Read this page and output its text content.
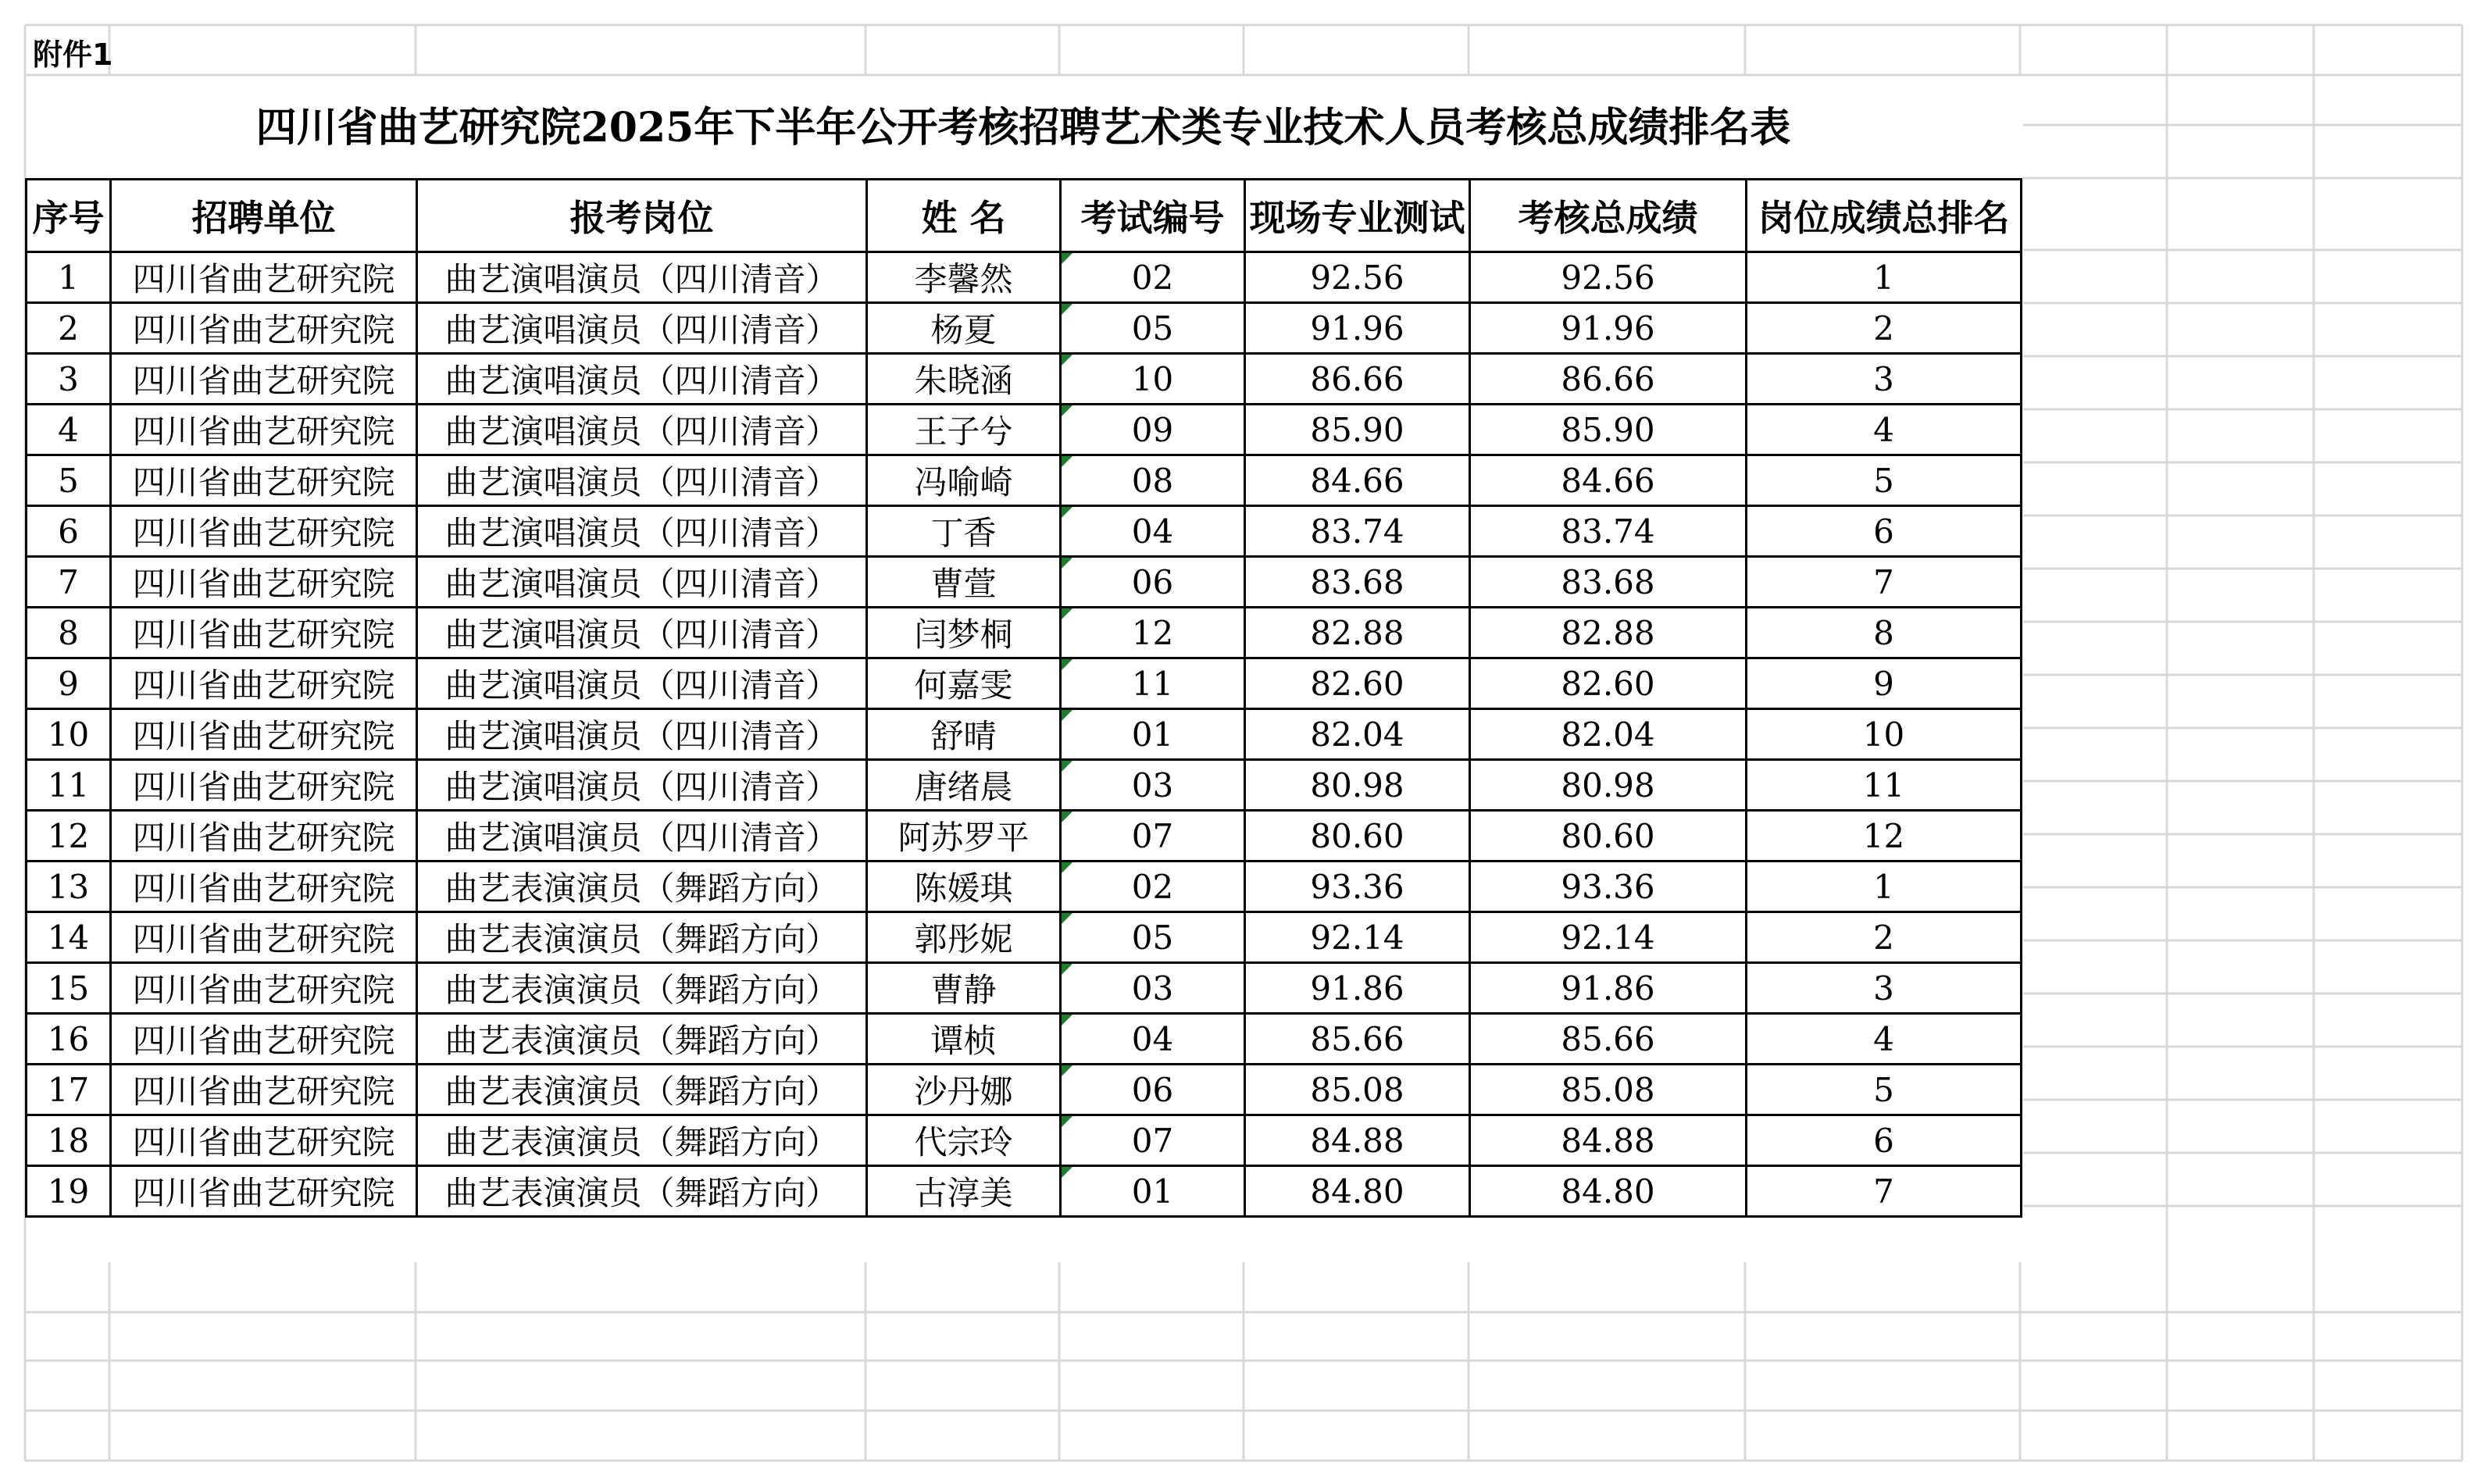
附件1
四川省曲艺研究院2025年下半年公开考核招聘艺术类专业技术人员考核总成绩排名表
序号	招聘单位	报考岗位	姓 名	考试编号	现场专业测试	考核总成绩	岗位成绩总排名
1	四川省曲艺研究院	曲艺演唱演员（四川清音）	李馨然	02	92.56	92.56	1
2	四川省曲艺研究院	曲艺演唱演员（四川清音）	杨夏	05	91.96	91.96	2
3	四川省曲艺研究院	曲艺演唱演员（四川清音）	朱晓涵	10	86.66	86.66	3
4	四川省曲艺研究院	曲艺演唱演员（四川清音）	王子兮	09	85.90	85.90	4
5	四川省曲艺研究院	曲艺演唱演员（四川清音）	冯喻崎	08	84.66	84.66	5
6	四川省曲艺研究院	曲艺演唱演员（四川清音）	丁香	04	83.74	83.74	6
7	四川省曲艺研究院	曲艺演唱演员（四川清音）	曹萱	06	83.68	83.68	7
8	四川省曲艺研究院	曲艺演唱演员（四川清音）	闫梦桐	12	82.88	82.88	8
9	四川省曲艺研究院	曲艺演唱演员（四川清音）	何嘉雯	11	82.60	82.60	9
10	四川省曲艺研究院	曲艺演唱演员（四川清音）	舒晴	01	82.04	82.04	10
11	四川省曲艺研究院	曲艺演唱演员（四川清音）	唐绪晨	03	80.98	80.98	11
12	四川省曲艺研究院	曲艺演唱演员（四川清音）	阿苏罗平	07	80.60	80.60	12
13	四川省曲艺研究院	曲艺表演演员（舞蹈方向）	陈媛琪	02	93.36	93.36	1
14	四川省曲艺研究院	曲艺表演演员（舞蹈方向）	郭彤妮	05	92.14	92.14	2
15	四川省曲艺研究院	曲艺表演演员（舞蹈方向）	曹静	03	91.86	91.86	3
16	四川省曲艺研究院	曲艺表演演员（舞蹈方向）	谭桢	04	85.66	85.66	4
17	四川省曲艺研究院	曲艺表演演员（舞蹈方向）	沙丹娜	06	85.08	85.08	5
18	四川省曲艺研究院	曲艺表演演员（舞蹈方向）	代宗玲	07	84.88	84.88	6
19	四川省曲艺研究院	曲艺表演演员（舞蹈方向）	古淳美	01	84.80	84.80	7
